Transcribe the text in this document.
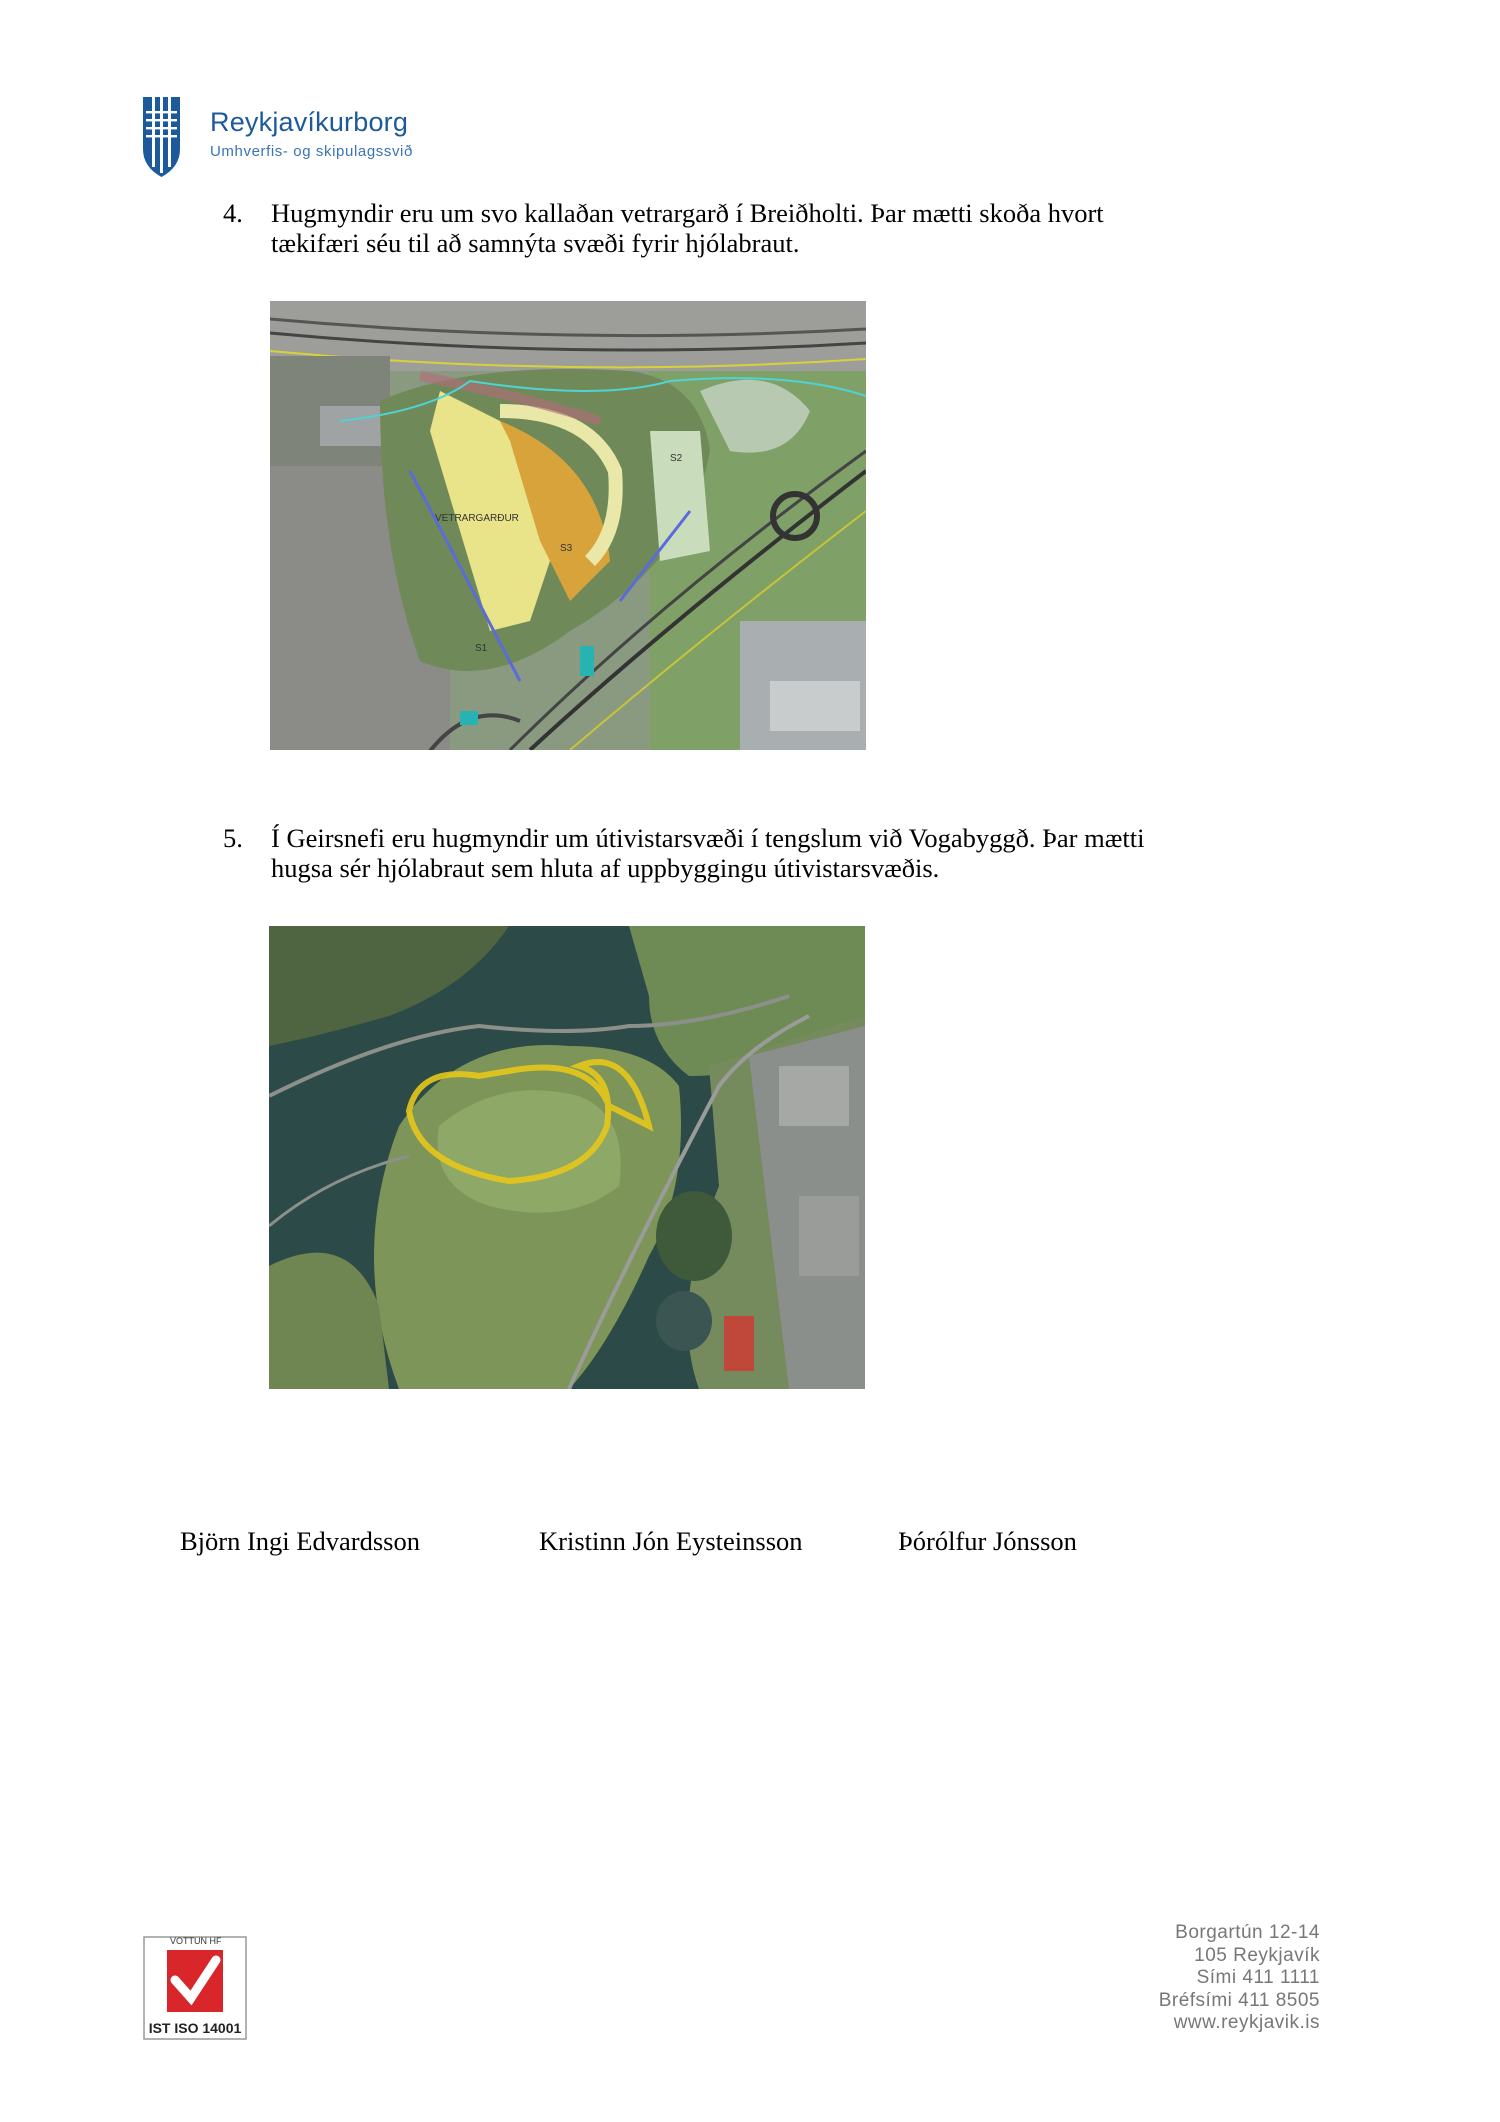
Reykjavíkurborg
Umhverfis- og skipulagssvið
4. Hugmyndir eru um svo kallaðan vetrargarð í Breiðholti. Þar mætti skoða hvort
tækifæri séu til að samnýta svæði fyrir hjólabraut.
VETRARGARÐUR
S1
S2
S3
5. Í Geirsnefi eru hugmyndir um útivistarsvæði í tengslum við Vogabyggð. Þar mætti
hugsa sér hjólabraut sem hluta af uppbyggingu útivistarsvæðis.
Björn Ingi Edvardsson	Kristinn Jón Eysteinsson	Þórólfur Jónsson
VOTTUN HF
IST ISO 14001
Borgartún 12-14
105 Reykjavík
Sími 411 1111
Bréfsími 411 8505
www.reykjavik.is
